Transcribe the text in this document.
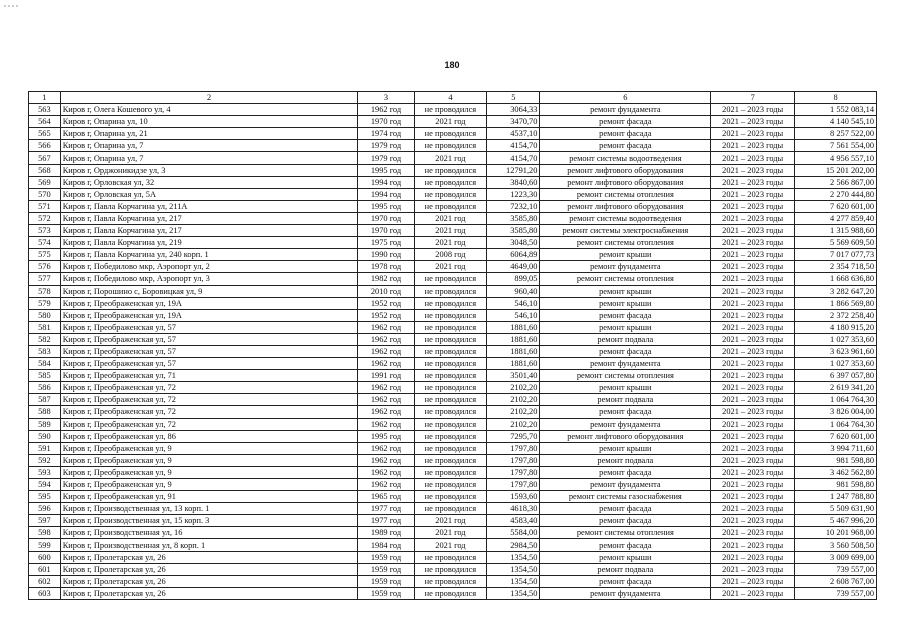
180
1	2	3	4	5	6	7	8
563	Киров г, Олега Кошевого ул, 4	1962 год	не проводился	3064,33	ремонт фундамента	2021 – 2023 годы	1 552 083,14
564	Киров г, Опарина ул, 10	1970 год	2021 год	3470,70	ремонт фасада	2021 – 2023 годы	4 140 545,10
565	Киров г, Опарина ул, 21	1974 год	не проводился	4537,10	ремонт фасада	2021 – 2023 годы	8 257 522,00
566	Киров г, Опарина ул, 7	1979 год	не проводился	4154,70	ремонт фасада	2021 – 2023 годы	7 561 554,00
567	Киров г, Опарина ул, 7	1979 год	2021 год	4154,70	ремонт системы водоотведения	2021 – 2023 годы	4 956 557,10
568	Киров г, Орджоникидзе ул, 3	1995 год	не проводился	12791,20	ремонт лифтового оборудования	2021 – 2023 годы	15 201 202,00
569	Киров г, Орловская ул, 32	1994 год	не проводился	3840,60	ремонт лифтового оборудования	2021 – 2023 годы	2 566 867,00
570	Киров г, Орловская ул, 5А	1994 год	не проводился	1223,30	ремонт системы отопления	2021 – 2023 годы	2 270 444,80
571	Киров г, Павла Корчагина ул, 211А	1995 год	не проводился	7232,10	ремонт лифтового оборудования	2021 – 2023 годы	7 620 601,00
572	Киров г, Павла Корчагина ул, 217	1970 год	2021 год	3585,80	ремонт системы водоотведения	2021 – 2023 годы	4 277 859,40
573	Киров г, Павла Корчагина ул, 217	1970 год	2021 год	3585,80	ремонт системы электроснабжения	2021 – 2023 годы	1 315 988,60
574	Киров г, Павла Корчагина ул, 219	1975 год	2021 год	3048,50	ремонт системы отопления	2021 – 2023 годы	5 569 609,50
575	Киров г, Павла Корчагина ул, 240 корп. 1	1990 год	2008 год	6064,89	ремонт крыши	2021 – 2023 годы	7 017 077,73
576	Киров г, Победилово мкр, Аэропорт ул, 2	1978 год	2021 год	4649,00	ремонт фундамента	2021 – 2023 годы	2 354 718,50
577	Киров г, Победилово мкр, Аэропорт ул, 3	1982 год	не проводился	899,05	ремонт системы отопления	2021 – 2023 годы	1 668 636,80
578	Киров г, Порошино с, Боровицкая ул, 9	2010 год	не проводился	960,40	ремонт крыши	2021 – 2023 годы	3 282 647,20
579	Киров г, Преображенская ул, 19А	1952 год	не проводился	546,10	ремонт крыши	2021 – 2023 годы	1 866 569,80
580	Киров г, Преображенская ул, 19А	1952 год	не проводился	546,10	ремонт фасада	2021 – 2023 годы	2 372 258,40
581	Киров г, Преображенская ул, 57	1962 год	не проводился	1881,60	ремонт крыши	2021 – 2023 годы	4 180 915,20
582	Киров г, Преображенская ул, 57	1962 год	не проводился	1881,60	ремонт подвала	2021 – 2023 годы	1 027 353,60
583	Киров г, Преображенская ул, 57	1962 год	не проводился	1881,60	ремонт фасада	2021 – 2023 годы	3 623 961,60
584	Киров г, Преображенская ул, 57	1962 год	не проводился	1881,60	ремонт фундамента	2021 – 2023 годы	1 027 353,60
585	Киров г, Преображенская ул, 71	1991 год	не проводился	3501,40	ремонт системы отопления	2021 – 2023 годы	6 397 057,80
586	Киров г, Преображенская ул, 72	1962 год	не проводился	2102,20	ремонт крыши	2021 – 2023 годы	2 619 341,20
587	Киров г, Преображенская ул, 72	1962 год	не проводился	2102,20	ремонт подвала	2021 – 2023 годы	1 064 764,30
588	Киров г, Преображенская ул, 72	1962 год	не проводился	2102,20	ремонт фасада	2021 – 2023 годы	3 826 004,00
589	Киров г, Преображенская ул, 72	1962 год	не проводился	2102,20	ремонт фундамента	2021 – 2023 годы	1 064 764,30
590	Киров г, Преображенская ул, 86	1995 год	не проводился	7295,70	ремонт лифтового оборудования	2021 – 2023 годы	7 620 601,00
591	Киров г, Преображенская ул, 9	1962 год	не проводился	1797,80	ремонт крыши	2021 – 2023 годы	3 994 711,60
592	Киров г, Преображенская ул, 9	1962 год	не проводился	1797,80	ремонт подвала	2021 – 2023 годы	981 598,80
593	Киров г, Преображенская ул, 9	1962 год	не проводился	1797,80	ремонт фасада	2021 – 2023 годы	3 462 562,80
594	Киров г, Преображенская ул, 9	1962 год	не проводился	1797,80	ремонт фундамента	2021 – 2023 годы	981 598,80
595	Киров г, Преображенская ул, 91	1965 год	не проводился	1593,60	ремонт системы газоснабжения	2021 – 2023 годы	1 247 788,80
596	Киров г, Производственная ул, 13 корп. 1	1977 год	не проводился	4618,30	ремонт фасада	2021 – 2023 годы	5 509 631,90
597	Киров г, Производственная ул, 15 корп. 3	1977 год	2021 год	4583,40	ремонт фасада	2021 – 2023 годы	5 467 996,20
598	Киров г, Производственная ул, 16	1989 год	2021 год	5584,00	ремонт системы отопления	2021 – 2023 годы	10 201 968,00
599	Киров г, Производственная ул, 8 корп. 1	1984 год	2021 год	2984,50	ремонт фасада	2021 – 2023 годы	3 560 508,50
600	Киров г, Пролетарская ул, 26	1959 год	не проводился	1354,50	ремонт крыши	2021 – 2023 годы	3 009 699,00
601	Киров г, Пролетарская ул, 26	1959 год	не проводился	1354,50	ремонт подвала	2021 – 2023 годы	739 557,00
602	Киров г, Пролетарская ул, 26	1959 год	не проводился	1354,50	ремонт фасада	2021 – 2023 годы	2 608 767,00
603	Киров г, Пролетарская ул, 26	1959 год	не проводился	1354,50	ремонт фундамента	2021 – 2023 годы	739 557,00
